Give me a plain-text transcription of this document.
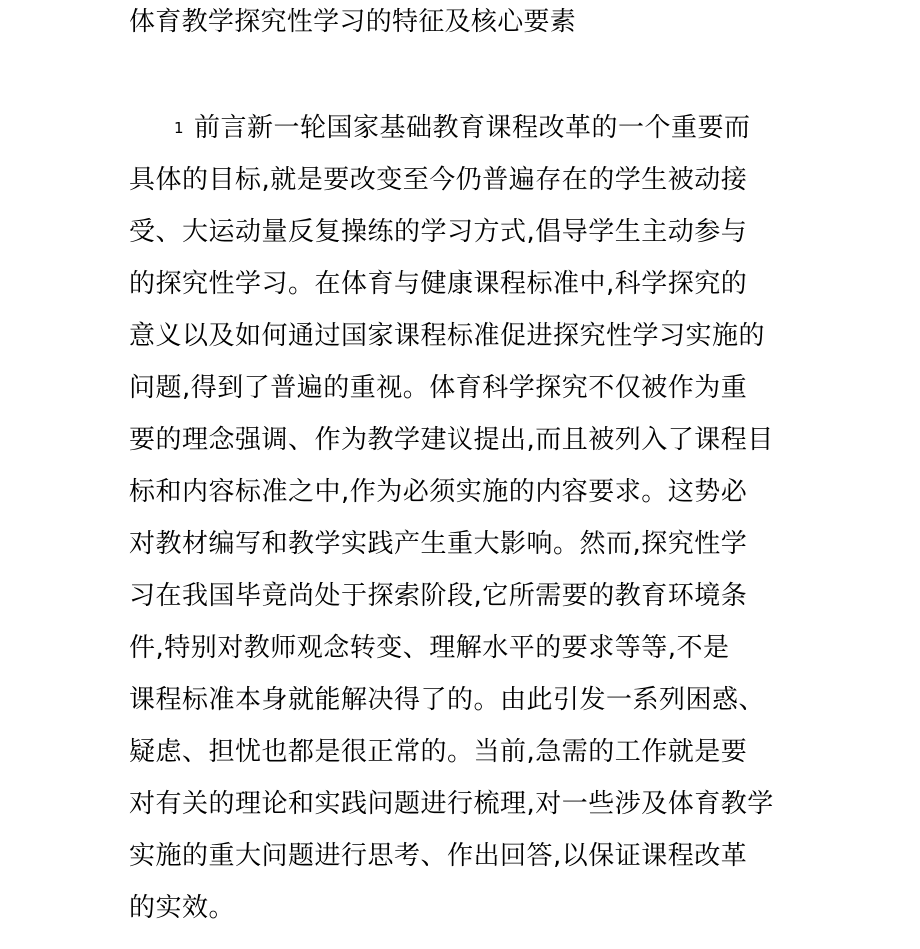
体育教学探究性学习的特征及核心要素
1 前言新一轮国家基础教育课程改革的一个重要而
具体的目标,就是要改变至今仍普遍存在的学生被动接
受、大运动量反复操练的学习方式,倡导学生主动参与
的探究性学习。在体育与健康课程标准中,科学探究的
意义以及如何通过国家课程标准促进探究性学习实施的
问题,得到了普遍的重视。体育科学探究不仅被作为重
要的理念强调、作为教学建议提出,而且被列入了课程目
标和内容标准之中,作为必须实施的内容要求。这势必
对教材编写和教学实践产生重大影响。然而,探究性学
习在我国毕竟尚处于探索阶段,它所需要的教育环境条
件,特别对教师观念转变、理解水平的要求等等,不是
课程标准本身就能解决得了的。由此引发一系列困惑、
疑虑、担忧也都是很正常的。当前,急需的工作就是要
对有关的理论和实践问题进行梳理,对一些涉及体育教学
实施的重大问题进行思考、作出回答,以保证课程改革
的实效。
